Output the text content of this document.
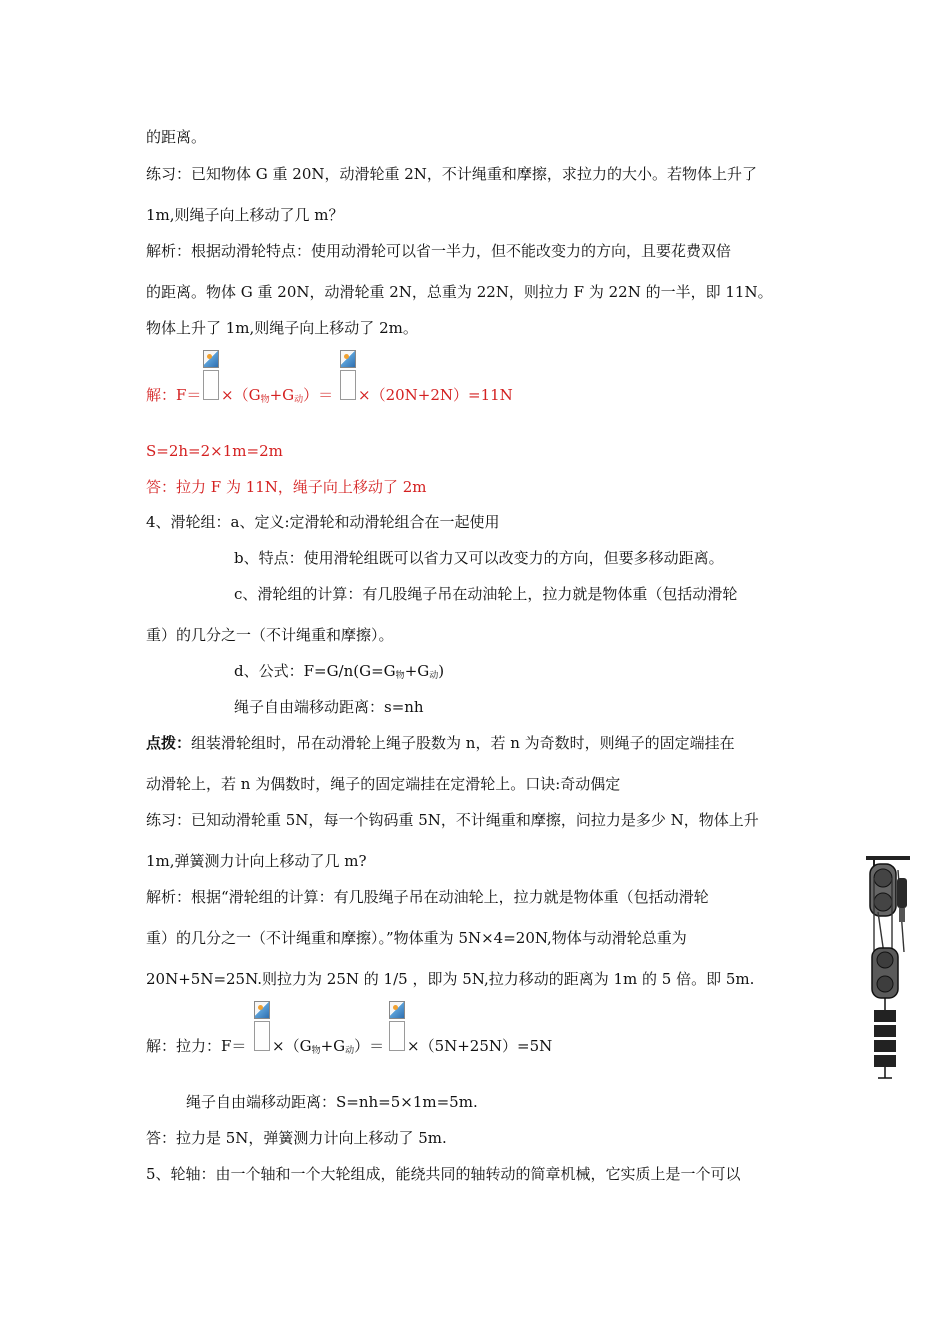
的距离。
练习：已知物体 G 重 20N，动滑轮重 2N，不计绳重和摩擦，求拉力的大小。若物体上升了
1m,则绳子向上移动了几 m？
解析：根据动滑轮特点：使用动滑轮可以省一半力，但不能改变力的方向，且要花费双倍
的距离。物体 G 重 20N，动滑轮重 2N，总重为 22N，则拉力 F 为 22N 的一半，即 11N。
物体上升了 1m,则绳子向上移动了 2m。
解：$F= \times(G_物+G_动)= \times(20N+2N)=11N$
S=2h=2×1m=2m
答：拉力 F 为 11N，绳子向上移动了 2m
4、滑轮组：a、定义:定滑轮和动滑轮组合在一起使用
b、特点：使用滑轮组既可以省力又可以改变力的方向，但要多移动距离。
c、滑轮组的计算：有几股绳子吊在动油轮上，拉力就是物体重（包括动滑轮
重）的几分之一（不计绳重和摩擦）。
d、公式：$F=G/n(G=G_物+G_动)$
绳子自由端移动距离：s=nh
点拨：组装滑轮组时，吊在动滑轮上绳子股数为 n，若 n 为奇数时，则绳子的固定端挂在
动滑轮上，若 n 为偶数时，绳子的固定端挂在定滑轮上。口诀:奇动偶定
练习：已知动滑轮重 5N，每一个钩码重 5N，不计绳重和摩擦，问拉力是多少 N，物体上升
1m,弹簧测力计向上移动了几 m?
解析：根据“滑轮组的计算：有几股绳子吊在动油轮上，拉力就是物体重（包括动滑轮
重）的几分之一（不计绳重和摩擦）。”物体重为 5N×4=20N,物体与动滑轮总重为
20N+5N=25N.则拉力为 25N 的 1/5 ，即为 5N,拉力移动的距离为 1m 的 5 倍。即 5m.
解：拉力：$F= \times(G_物+G_动)= \times(5N+25N)=5N$
绳子自由端移动距离：S=nh=5×1m=5m.
答：拉力是 5N，弹簧测力计向上移动了 5m.
5、轮轴：由一个轴和一个大轮组成，能绕共同的轴转动的简章机械，它实质上是一个可以
